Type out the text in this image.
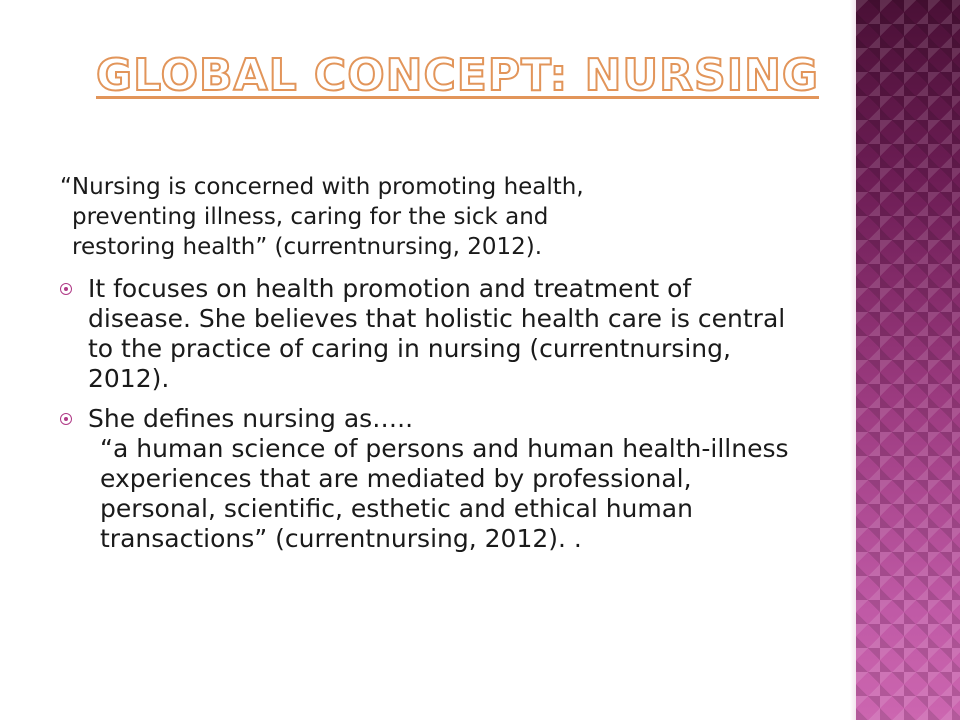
GLOBAL CONCEPT: NURSING
“Nursing is concerned with promoting health,
preventing illness, caring for the sick and
restoring health” (currentnursing, 2012).
It focuses on health promotion and treatment of disease. She believes that holistic health care is central to the practice of caring in nursing (currentnursing, 2012).
She defines nursing as…..
“a human science of persons and human health-illness experiences that are mediated by professional, personal, scientific, esthetic and ethical human transactions” (currentnursing, 2012). .
